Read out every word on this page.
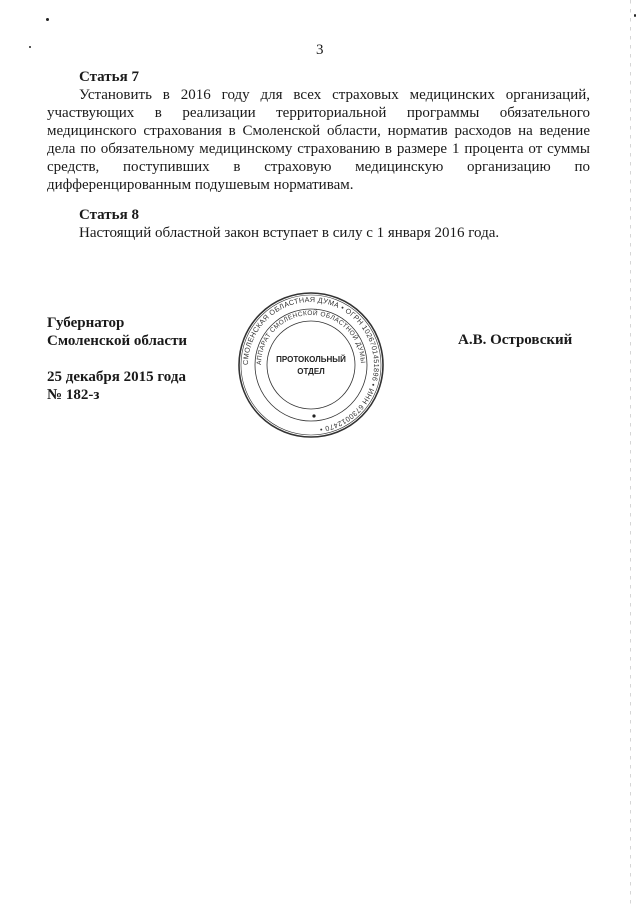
3
Статья 7
Установить в 2016 году для всех страховых медицинских организаций, участвующих в реализации территориальной программы обязательного медицинского страхования в Смоленской области, норматив расходов на ведение дела по обязательному медицинскому страхованию в размере 1 процента от суммы средств, поступивших в страховую медицинскую организацию по дифференцированным подушевым нормативам.
Статья 8
Настоящий областной закон вступает в силу с 1 января 2016 года.
Губернатор
Смоленской области
25 декабря 2015 года
№ 182-з
А.В. Островский
СМОЛЕНСКАЯ ОБЛАСТНАЯ ДУМА • ОГРН 1026701451896 • ИНН 6730012470 •
АППАРАТ СМОЛЕНСКОЙ ОБЛАСТНОЙ ДУМЫ
ПРОТОКОЛЬНЫЙ
ОТДЕЛ
